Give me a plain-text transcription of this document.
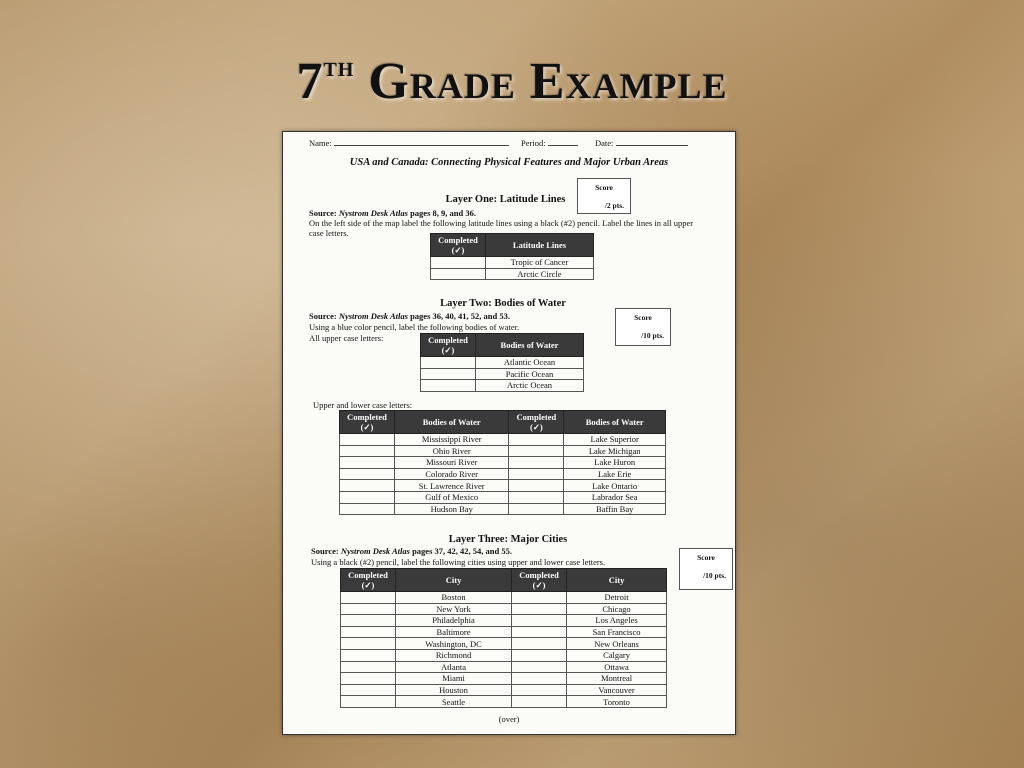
7th Grade Example
Name:	Period:	Date:
USA and Canada: Connecting Physical Features and Major Urban Areas
Score
/2 pts.
Layer One: Latitude Lines
Source: Nystrom Desk Atlas pages 8, 9, and 36.
On the left side of the map label the following latitude lines using a black (#2) pencil. Label the lines in all upper case letters.
Completed (✓)	Latitude Lines
	Tropic of Cancer
	Arctic Circle
Layer Two: Bodies of Water
Score
/10 pts.
Source: Nystrom Desk Atlas pages 36, 40, 41, 52, and 53.
Using a blue color pencil, label the following bodies of water.
All upper case letters:	Completed (✓)	Bodies of Water
	Atlantic Ocean
	Pacific Ocean
	Arctic Ocean
Upper and lower case letters:
Completed (✓)	Bodies of Water	Completed (✓)	Bodies of Water
	Mississippi River		Lake Superior
	Ohio River		Lake Michigan
	Missouri River		Lake Huron
	Colorado River		Lake Erie
	St. Lawrence River		Lake Ontario
	Gulf of Mexico		Labrador Sea
	Hudson Bay		Baffin Bay
Layer Three: Major Cities
Score
/10 pts.
Source: Nystrom Desk Atlas pages 37, 42, 42, 54, and 55.
Using a black (#2) pencil, label the following cities using upper and lower case letters.
Completed (✓)	City	Completed (✓)	City
	Boston		Detroit
	New York		Chicago
	Philadelphia		Los Angeles
	Baltimore		San Francisco
	Washington, DC		New Orleans
	Richmond		Calgary
	Atlanta		Ottawa
	Miami		Montreal
	Houston		Vancouver
	Seattle		Toronto
(over)
